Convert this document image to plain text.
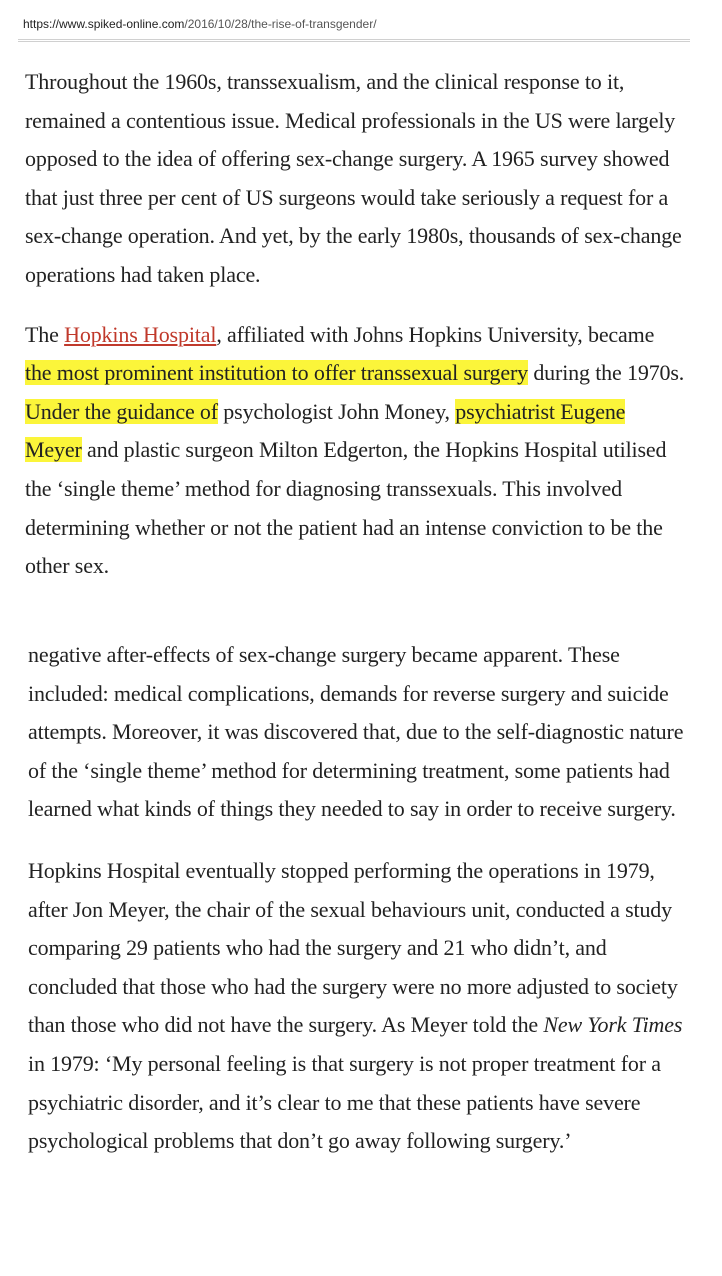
https://www.spiked-online.com/2016/10/28/the-rise-of-transgender/

Throughout the 1960s, transsexualism, and the clinical response to it, remained a contentious issue. Medical professionals in the US were largely opposed to the idea of offering sex-change surgery. A 1965 survey showed that just three per cent of US surgeons would take seriously a request for a sex-change operation. And yet, by the early 1980s, thousands of sex-change operations had taken place.

The Hopkins Hospital, affiliated with Johns Hopkins University, became the most prominent institution to offer transsexual surgery during the 1970s. Under the guidance of psychologist John Money, psychiatrist Eugene Meyer and plastic surgeon Milton Edgerton, the Hopkins Hospital utilised the ‘single theme’ method for diagnosing transsexuals. This involved determining whether or not the patient had an intense conviction to be the other sex.

negative after-effects of sex-change surgery became apparent. These included: medical complications, demands for reverse surgery and suicide attempts. Moreover, it was discovered that, due to the self-diagnostic nature of the ‘single theme’ method for determining treatment, some patients had learned what kinds of things they needed to say in order to receive surgery.

Hopkins Hospital eventually stopped performing the operations in 1979, after Jon Meyer, the chair of the sexual behaviours unit, conducted a study comparing 29 patients who had the surgery and 21 who didn’t, and concluded that those who had the surgery were no more adjusted to society than those who did not have the surgery. As Meyer told the New York Times in 1979: ‘My personal feeling is that surgery is not proper treatment for a psychiatric disorder, and it’s clear to me that these patients have severe psychological problems that don’t go away following surgery.’
